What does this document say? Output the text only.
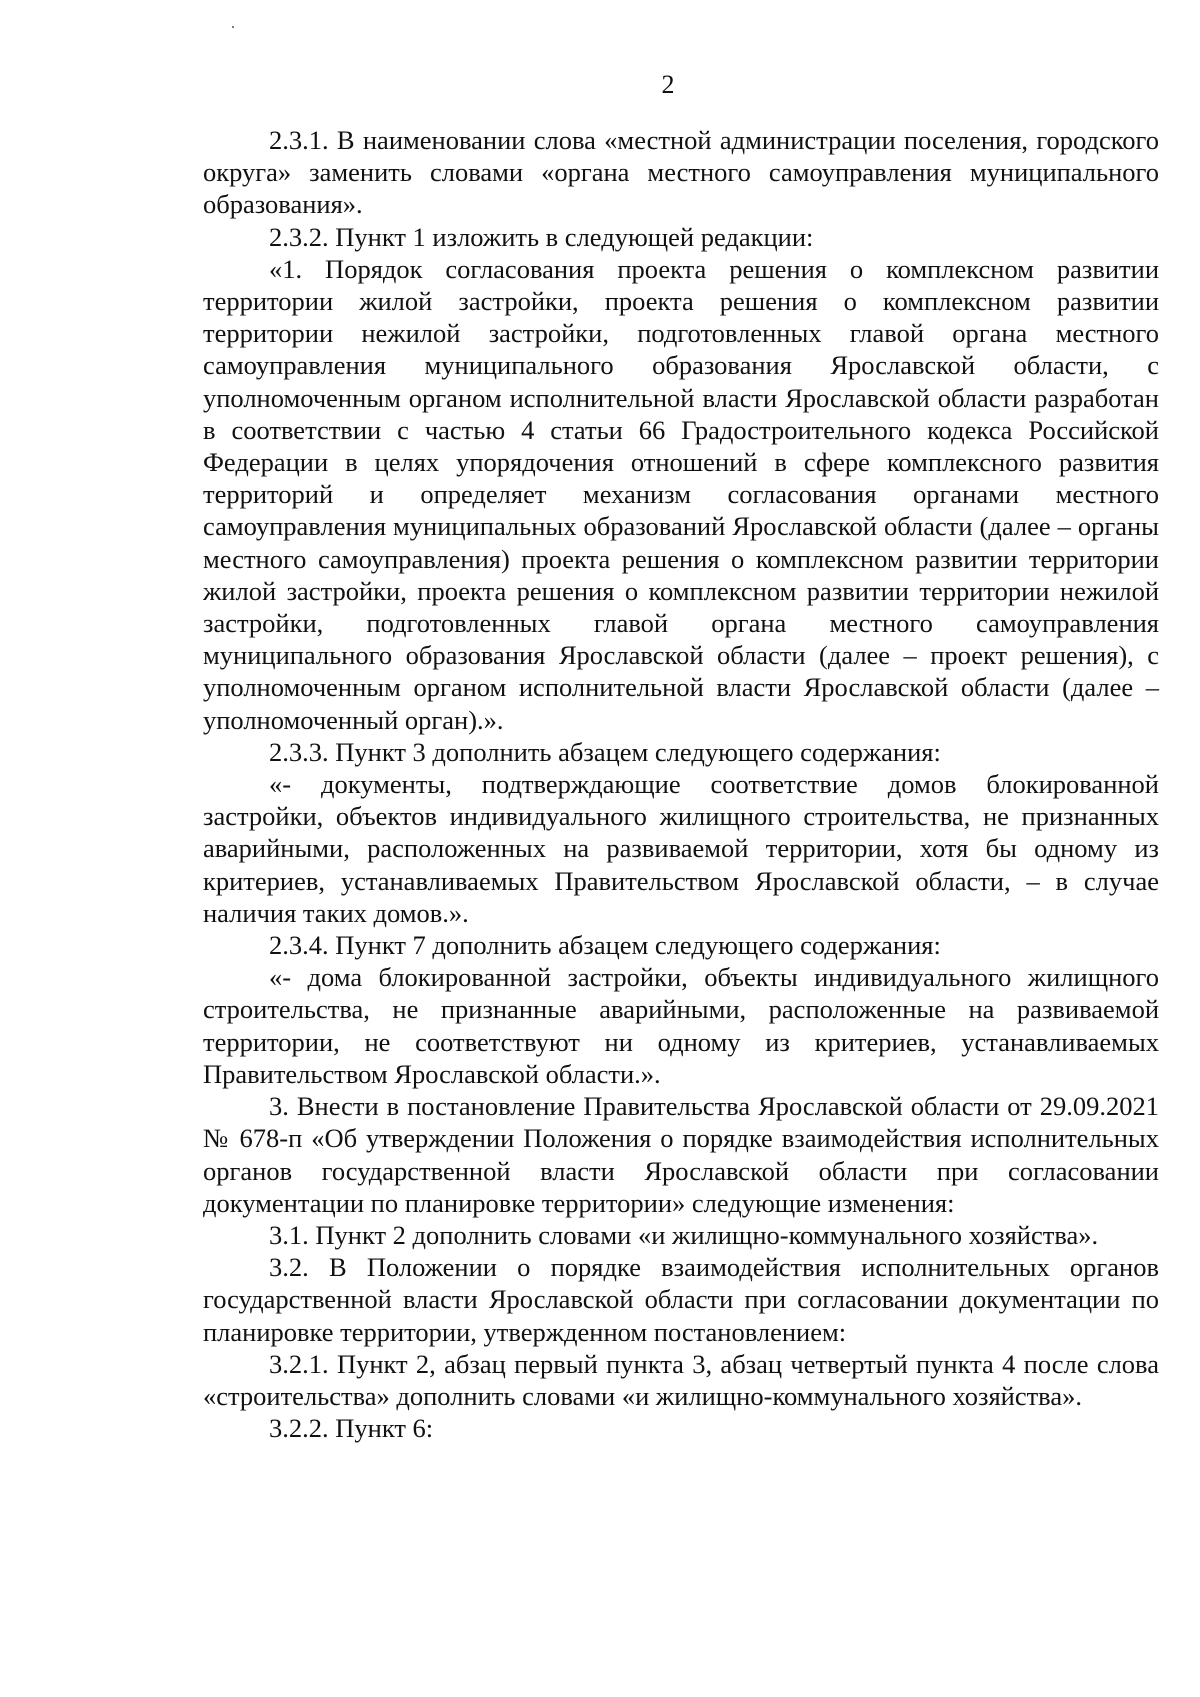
2

2.3.1. В наименовании слова «местной администрации поселения, городского округа» заменить словами «органа местного самоуправления муниципального образования».

2.3.2. Пункт 1 изложить в следующей редакции:

«1. Порядок согласования проекта решения о комплексном развитии территории жилой застройки, проекта решения о комплексном развитии территории нежилой застройки, подготовленных главой органа местного самоуправления муниципального образования Ярославской области, с уполномоченным органом исполнительной власти Ярославской области разработан в соответствии с частью 4 статьи 66 Градостроительного кодекса Российской Федерации в целях упорядочения отношений в сфере комплексного развития территорий и определяет механизм согласования органами местного самоуправления муниципальных образований Ярославской области (далее – органы местного самоуправления) проекта решения о комплексном развитии территории жилой застройки, проекта решения о комплексном развитии территории нежилой застройки, подготовленных главой органа местного самоуправления муниципального образования Ярославской области (далее – проект решения), с уполномоченным органом исполнительной власти Ярославской области (далее – уполномоченный орган).».

2.3.3. Пункт 3 дополнить абзацем следующего содержания:

«- документы, подтверждающие соответствие домов блокированной застройки, объектов индивидуального жилищного строительства, не признанных аварийными, расположенных на развиваемой территории, хотя бы одному из критериев, устанавливаемых Правительством Ярославской области, – в случае наличия таких домов.».

2.3.4. Пункт 7 дополнить абзацем следующего содержания:

«- дома блокированной застройки, объекты индивидуального жилищного строительства, не признанные аварийными, расположенные на развиваемой территории, не соответствуют ни одному из критериев, устанавливаемых Правительством Ярославской области.».

3. Внести в постановление Правительства Ярославской области от 29.09.2021 № 678-п «Об утверждении Положения о порядке взаимодействия исполнительных органов государственной власти Ярославской области при согласовании документации по планировке территории» следующие изменения:

3.1. Пункт 2 дополнить словами «и жилищно-коммунального хозяйства».

3.2. В Положении о порядке взаимодействия исполнительных органов государственной власти Ярославской области при согласовании документации по планировке территории, утвержденном постановлением:

3.2.1. Пункт 2, абзац первый пункта 3, абзац четвертый пункта 4 после слова «строительства» дополнить словами «и жилищно-коммунального хозяйства».

3.2.2. Пункт 6:
